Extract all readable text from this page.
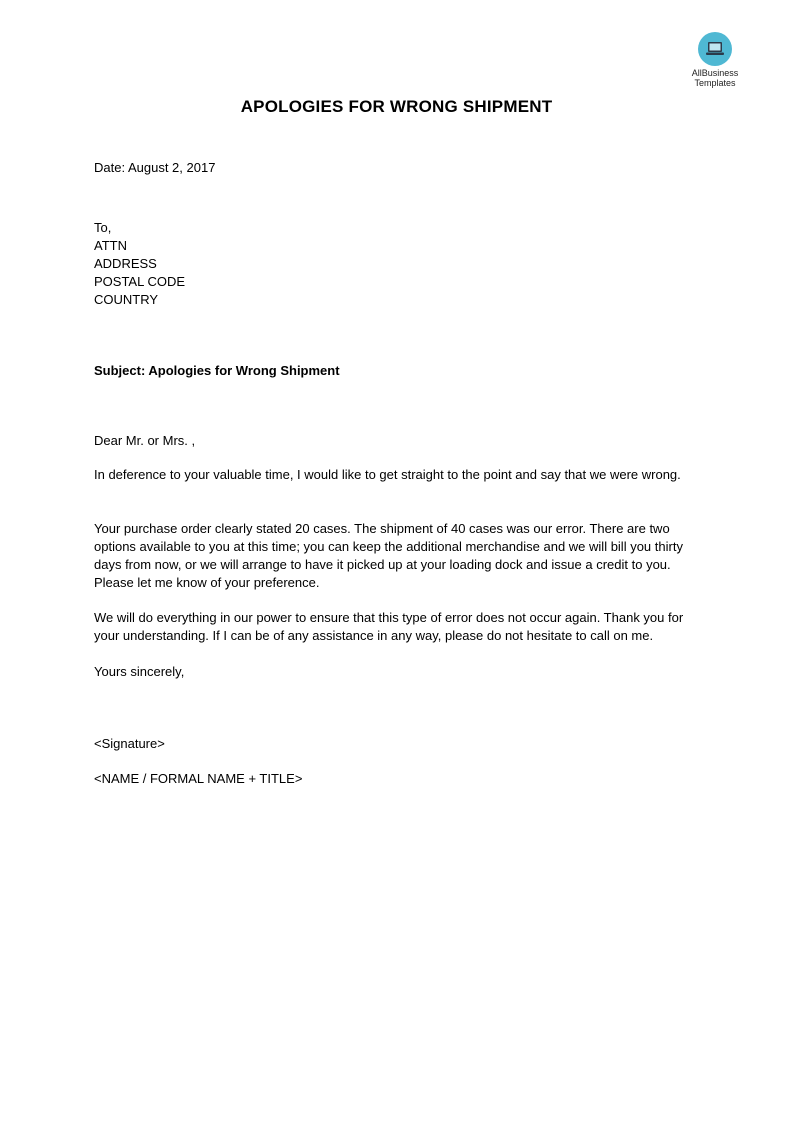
AllBusiness
Templates
APOLOGIES FOR WRONG SHIPMENT
Date: August 2, 2017
To,
ATTN
ADDRESS
POSTAL CODE
COUNTRY
Subject: Apologies for Wrong Shipment
Dear Mr. or Mrs. ,
In deference to your valuable time, I would like to get straight to the point and say that we were wrong.
Your purchase order clearly stated 20 cases. The shipment of 40 cases was our error. There are two options available to you at this time; you can keep the additional merchandise and we will bill you thirty days from now, or we will arrange to have it picked up at your loading dock and issue a credit to you. Please let me know of your preference.
We will do everything in our power to ensure that this type of error does not occur again. Thank you for your understanding. If I can be of any assistance in any way, please do not hesitate to call on me.
Yours sincerely,
<Signature>
<NAME / FORMAL NAME + TITLE>
